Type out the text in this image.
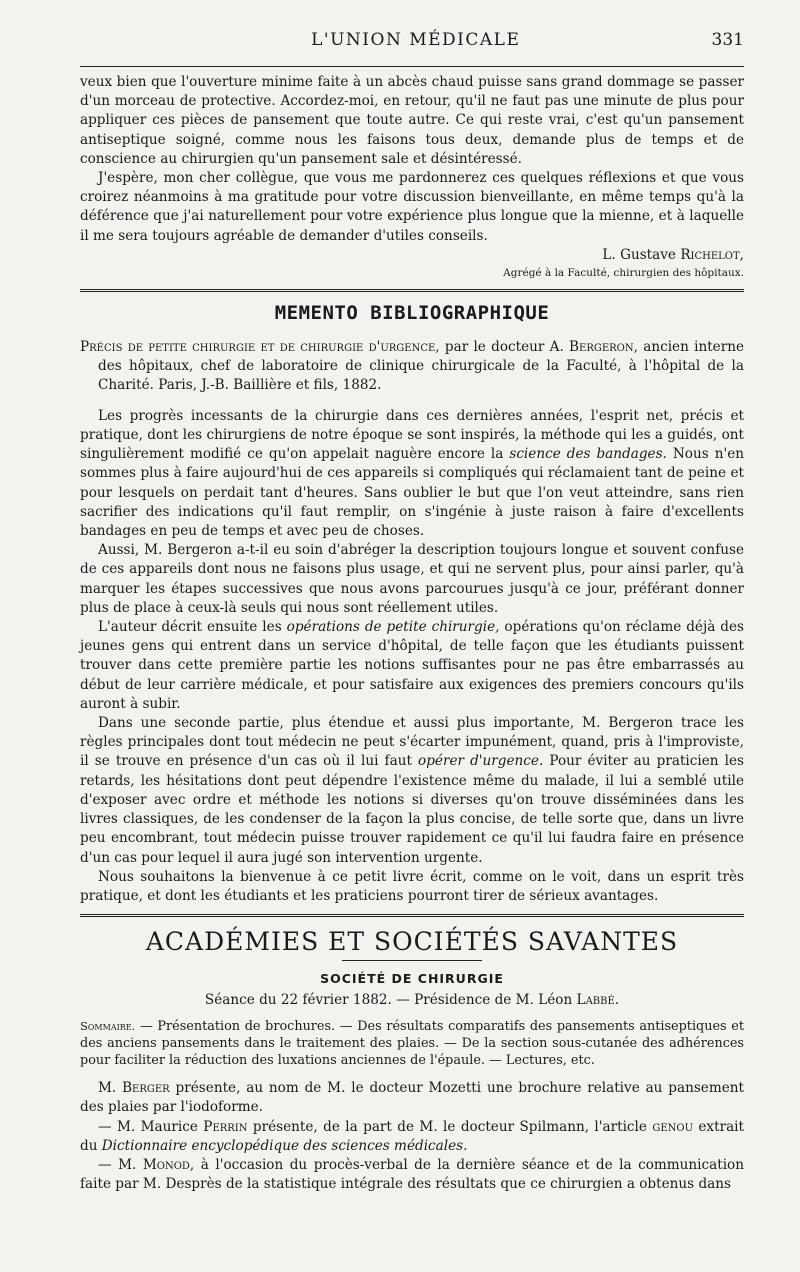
L'UNION MÉDICALE	331

veux bien que l'ouverture minime faite à un abcès chaud puisse sans grand dommage se passer d'un morceau de protective. Accordez-moi, en retour, qu'il ne faut pas une minute de plus pour appliquer ces pièces de pansement que toute autre. Ce qui reste vrai, c'est qu'un pansement antiseptique soigné, comme nous les faisons tous deux, demande plus de temps et de conscience au chirurgien qu'un pansement sale et désintéressé.

J'espère, mon cher collègue, que vous me pardonnerez ces quelques réflexions et que vous croirez néanmoins à ma gratitude pour votre discussion bienveillante, en même temps qu'à la déférence que j'ai naturellement pour votre expérience plus longue que la mienne, et à laquelle il me sera toujours agréable de demander d'utiles conseils.

L. Gustave Richelot,
Agrégé à la Faculté, chirurgien des hôpitaux.
MEMENTO BIBLIOGRAPHIQUE

Précis de petite chirurgie et de chirurgie d'urgence, par le docteur A. Bergeron, ancien interne des hôpitaux, chef de laboratoire de clinique chirurgicale de la Faculté, à l'hôpital de la Charité. Paris, J.-B. Baillière et fils, 1882.

Les progrès incessants de la chirurgie dans ces dernières années, l'esprit net, précis et pratique, dont les chirurgiens de notre époque se sont inspirés, la méthode qui les a guidés, ont singulièrement modifié ce qu'on appelait naguère encore la science des bandages. Nous n'en sommes plus à faire aujourd'hui de ces appareils si compliqués qui réclamaient tant de peine et pour lesquels on perdait tant d'heures. Sans oublier le but que l'on veut atteindre, sans rien sacrifier des indications qu'il faut remplir, on s'ingénie à juste raison à faire d'excellents bandages en peu de temps et avec peu de choses.

Aussi, M. Bergeron a-t-il eu soin d'abréger la description toujours longue et souvent confuse de ces appareils dont nous ne faisons plus usage, et qui ne servent plus, pour ainsi parler, qu'à marquer les étapes successives que nous avons parcourues jusqu'à ce jour, préférant donner plus de place à ceux-là seuls qui nous sont réellement utiles.

L'auteur décrit ensuite les opérations de petite chirurgie, opérations qu'on réclame déjà des jeunes gens qui entrent dans un service d'hôpital, de telle façon que les étudiants puissent trouver dans cette première partie les notions suffisantes pour ne pas être embarrassés au début de leur carrière médicale, et pour satisfaire aux exigences des premiers concours qu'ils auront à subir.

Dans une seconde partie, plus étendue et aussi plus importante, M. Bergeron trace les règles principales dont tout médecin ne peut s'écarter impunément, quand, pris à l'improviste, il se trouve en présence d'un cas où il lui faut opérer d'urgence. Pour éviter au praticien les retards, les hésitations dont peut dépendre l'existence même du malade, il lui a semblé utile d'exposer avec ordre et méthode les notions si diverses qu'on trouve disséminées dans les livres classiques, de les condenser de la façon la plus concise, de telle sorte que, dans un livre peu encombrant, tout médecin puisse trouver rapidement ce qu'il lui faudra faire en présence d'un cas pour lequel il aura jugé son intervention urgente.

Nous souhaitons la bienvenue à ce petit livre écrit, comme on le voit, dans un esprit très pratique, et dont les étudiants et les praticiens pourront tirer de sérieux avantages.

ACADÉMIES ET SOCIÉTÉS SAVANTES
SOCIÉTÉ DE CHIRURGIE
Séance du 22 février 1882. — Présidence de M. Léon Labbé.

Sommaire. — Présentation de brochures. — Des résultats comparatifs des pansements antiseptiques et des anciens pansements dans le traitement des plaies. — De la section sous-cutanée des adhérences pour faciliter la réduction des luxations anciennes de l'épaule. — Lectures, etc.

M. Berger présente, au nom de M. le docteur Mozetti une brochure relative au pansement des plaies par l'iodoforme.

— M. Maurice Perrin présente, de la part de M. le docteur Spilmann, l'article genou extrait du Dictionnaire encyclopédique des sciences médicales.

— M. Monod, à l'occasion du procès-verbal de la dernière séance et de la communication faite par M. Desprès de la statistique intégrale des résultats que ce chirurgien a obtenus dans
